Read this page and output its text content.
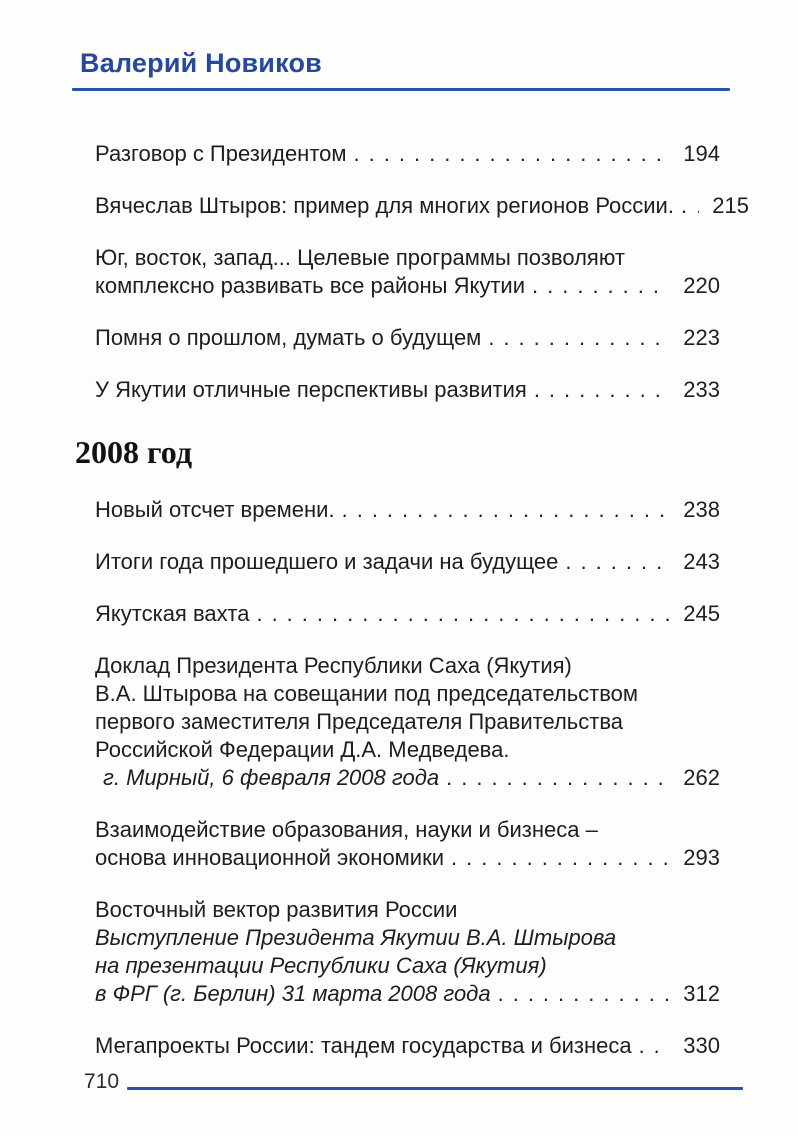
Валерий Новиков
Разговор с Президентом .....	194
Вячеслав Штыров: пример для многих регионов России. .....	215
Юг, восток, запад... Целевые программы позволяют
комплексно развивать все районы Якутии .....	220
Помня о прошлом, думать о будущем .....	223
У Якутии отличные перспективы развития .....	233
2008 год
Новый отсчет времени. .....	238
Итоги года прошедшего и задачи на будущее .....	243
Якутская вахта .....	245
Доклад Президента Республики Саха (Якутия)
В.А. Штырова на совещании под председательством
первого заместителя Председателя Правительства
Российской Федерации Д.А. Медведева.
г. Мирный, 6 февраля 2008 года .....	262
Взаимодействие образования, науки и бизнеса –
основа инновационной экономики .....	293
Восточный вектор развития России
Выступление Президента Якутии В.А. Штырова
на презентации Республики Саха (Якутия)
в ФРГ (г. Берлин) 31 марта 2008 года .....	312
Мегапроекты России: тандем государства и бизнеса .....	330
710
